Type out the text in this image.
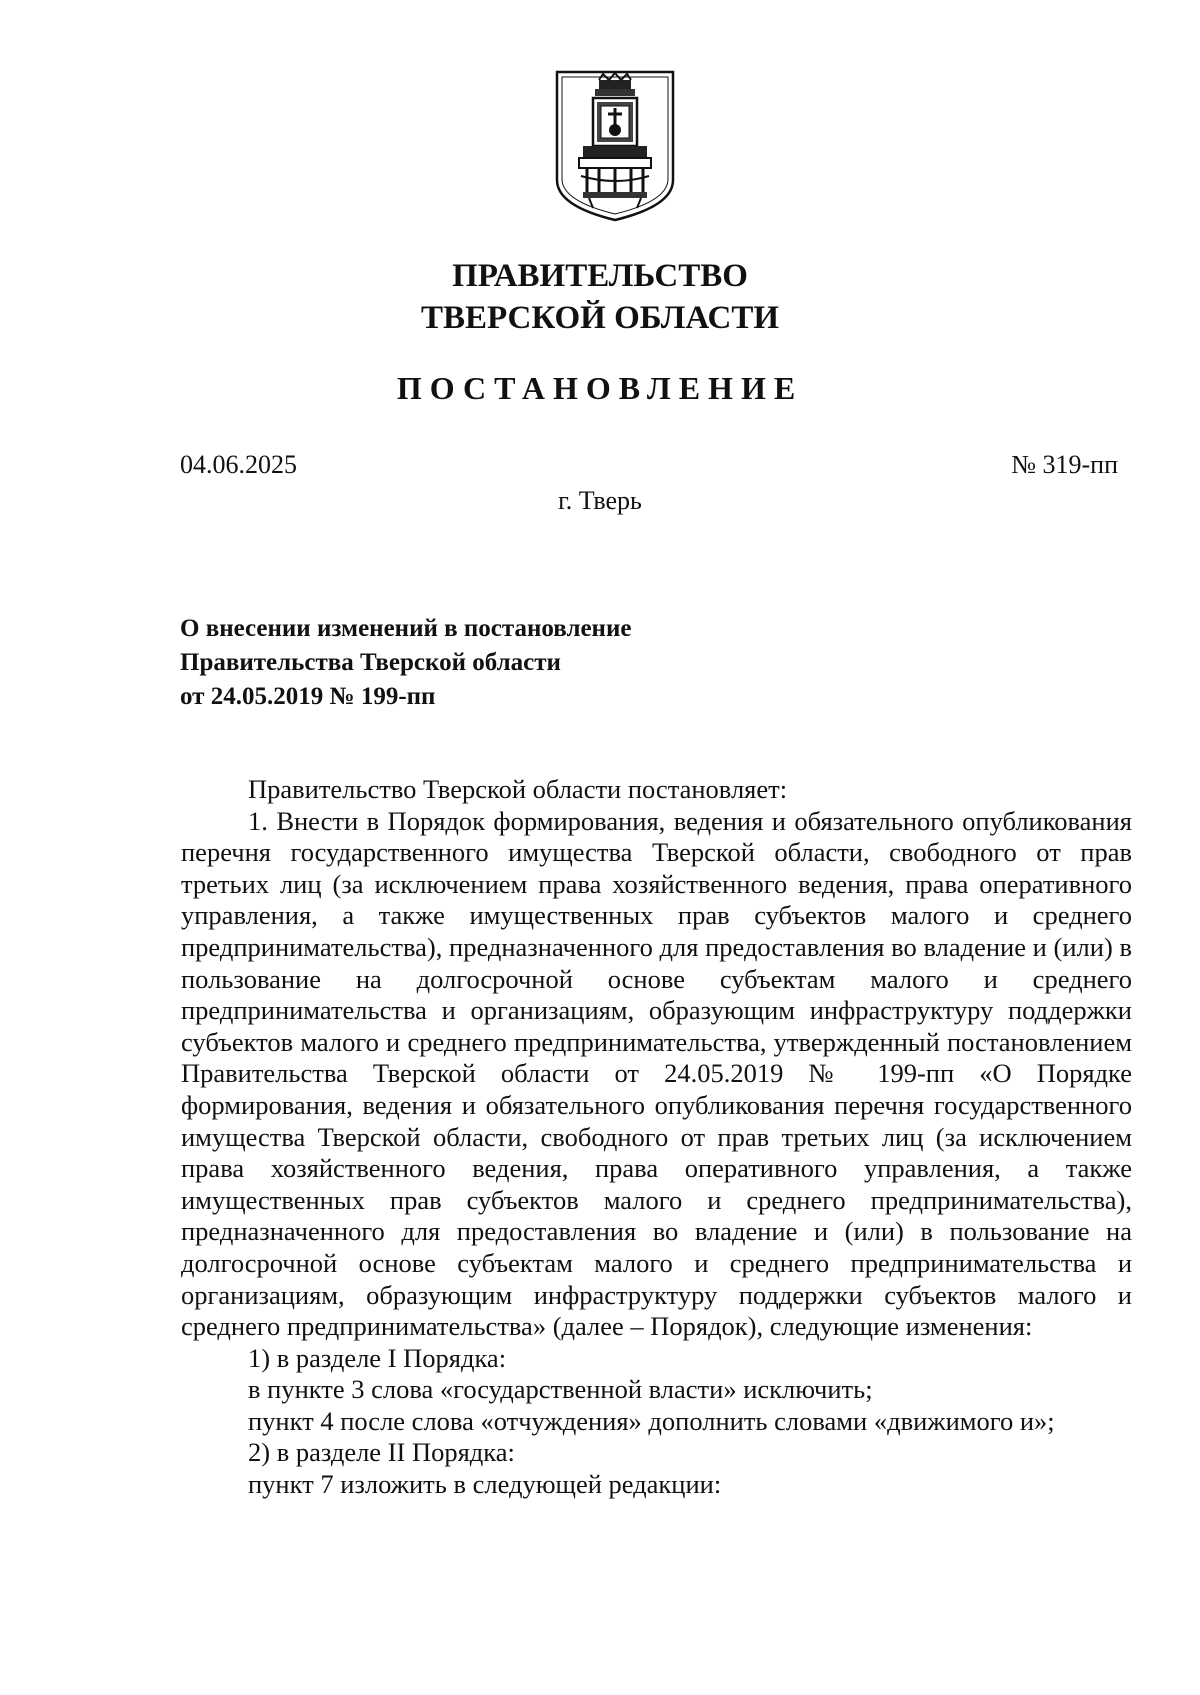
ПРАВИТЕЛЬСТВО
ТВЕРСКОЙ ОБЛАСТИ
ПОСТАНОВЛЕНИЕ
04.06.2025	№ 319-пп
г. Тверь
О внесении изменений в постановление
Правительства Тверской области
от 24.05.2019 № 199-пп

Правительство Тверской области постановляет:

1. Внести в Порядок формирования, ведения и обязательного опубликования перечня государственного имущества Тверской области, свободного от прав третьих лиц (за исключением права хозяйственного ведения, права оперативного управления, а также имущественных прав субъектов малого и среднего предпринимательства), предназначенного для предоставления во владение и (или) в пользование на долгосрочной основе субъектам малого и среднего предпринимательства и организациям, образующим инфраструктуру поддержки субъектов малого и среднего предпринимательства, утвержденный постановлением Правительства Тверской области от 24.05.2019 № 199-пп «О Порядке формирования, ведения и обязательного опубликования перечня государственного имущества Тверской области, свободного от прав третьих лиц (за исключением права хозяйственного ведения, права оперативного управления, а также имущественных прав субъектов малого и среднего предпринимательства), предназначенного для предоставления во владение и (или) в пользование на долгосрочной основе субъектам малого и среднего предпринимательства и организациям, образующим инфраструктуру поддержки субъектов малого и среднего предпринимательства» (далее – Порядок), следующие изменения:

1) в разделе I Порядка:

в пункте 3 слова «государственной власти» исключить;

пункт 4 после слова «отчуждения» дополнить словами «движимого и»;

2) в разделе II Порядка:

пункт 7 изложить в следующей редакции:
